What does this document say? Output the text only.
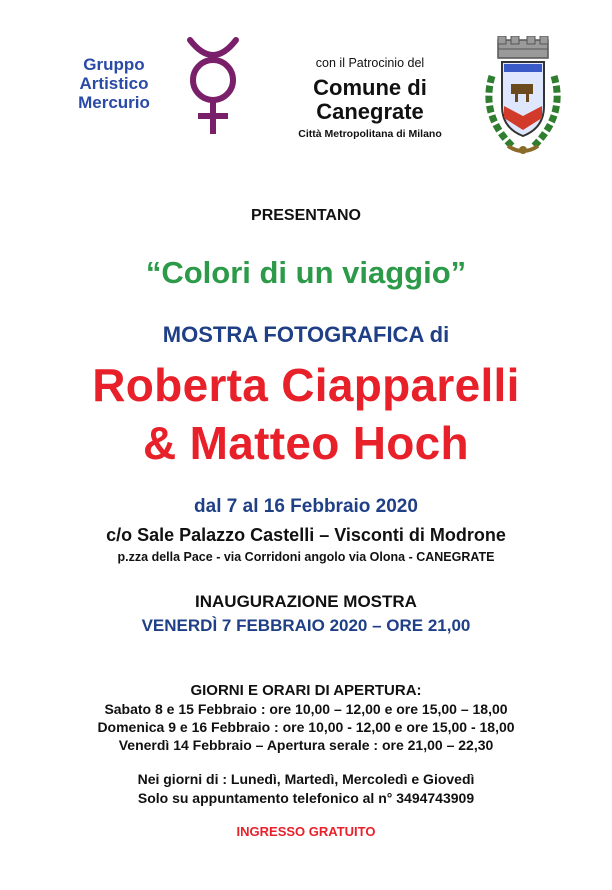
Gruppo
Artistico
Mercurio
con il Patrocinio del
Comune di
Canegrate
Città Metropolitana di Milano
PRESENTANO
“Colori di un viaggio”
MOSTRA FOTOGRAFICA di
Roberta Ciapparelli
& Matteo Hoch
dal 7 al 16 Febbraio 2020
c/o Sale Palazzo Castelli – Visconti di Modrone
p.zza della Pace - via Corridoni angolo via Olona - CANEGRATE
INAUGURAZIONE MOSTRA
VENERDÌ 7 FEBBRAIO 2020 – ORE 21,00
GIORNI E ORARI DI APERTURA:
Sabato 8 e 15 Febbraio : ore 10,00 – 12,00 e ore 15,00 – 18,00
Domenica 9 e 16 Febbraio : ore 10,00 - 12,00 e ore 15,00 - 18,00
Venerdì 14 Febbraio – Apertura serale : ore 21,00 – 22,30
Nei giorni di : Lunedì, Martedì, Mercoledì e Giovedì
Solo su appuntamento telefonico al n° 3494743909
INGRESSO GRATUITO
